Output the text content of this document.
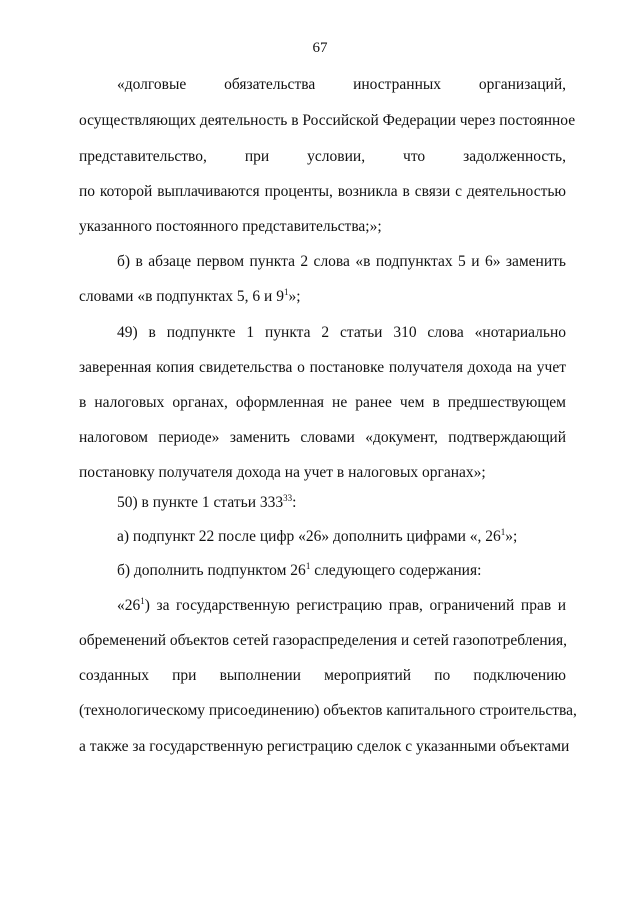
67
«долговые обязательства иностранных организаций,
осуществляющих деятельность в Российской Федерации через постоянное
представительство, при условии, что задолженность,
по которой выплачиваются проценты, возникла в связи с деятельностью
указанного постоянного представительства;»;
б) в абзаце первом пункта 2 слова «в подпунктах 5 и 6» заменить
словами «в подпунктах 5, 6 и $9^1$»;
49) в подпункте 1 пункта 2 статьи 310 слова «нотариально
заверенная копия свидетельства о постановке получателя дохода на учет
в налоговых органах, оформленная не ранее чем в предшествующем
налоговом периоде» заменить словами «документ, подтверждающий
постановку получателя дохода на учет в налоговых органах»;
50) в пункте 1 статьи $333^{33}$:
а) подпункт 22 после цифр «26» дополнить цифрами «, $26^1$»;
б) дополнить подпунктом $26^1$ следующего содержания:
«$26^1$) за государственную регистрацию прав, ограничений прав и
обременений объектов сетей газораспределения и сетей газопотребления,
созданных при выполнении мероприятий по подключению
(технологическому присоединению) объектов капитального строительства,
а также за государственную регистрацию сделок с указанными объектами
